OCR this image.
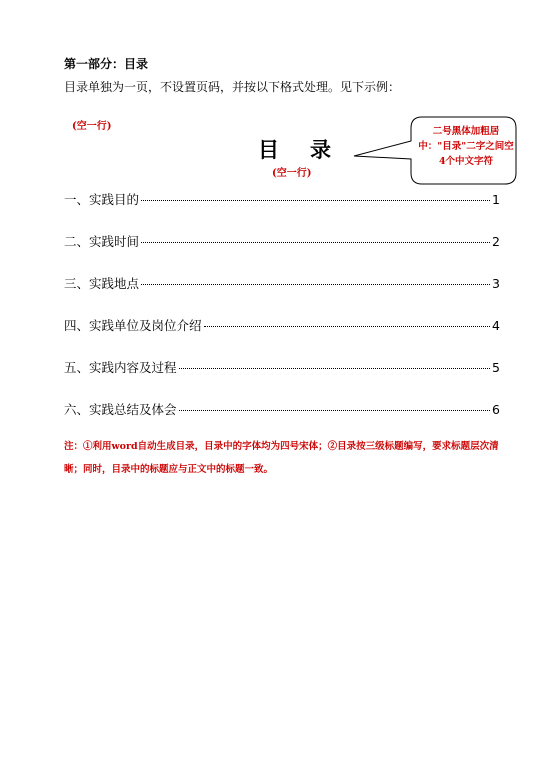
第一部分：目录
目录单独为一页，不设置页码，并按以下格式处理。见下示例：
(空一行)
目 录
(空一行)
二号黑体加粗居中："目录"二字之间空4个中文字符
一、实践目的	1
二、实践时间	2
三、实践地点	3
四、实践单位及岗位介绍	4
五、实践内容及过程	5
六、实践总结及体会	6
注：①利用word自动生成目录，目录中的字体均为四号宋体；②目录按三级标题编写，要求标题层次清晰；同时，目录中的标题应与正文中的标题一致。
